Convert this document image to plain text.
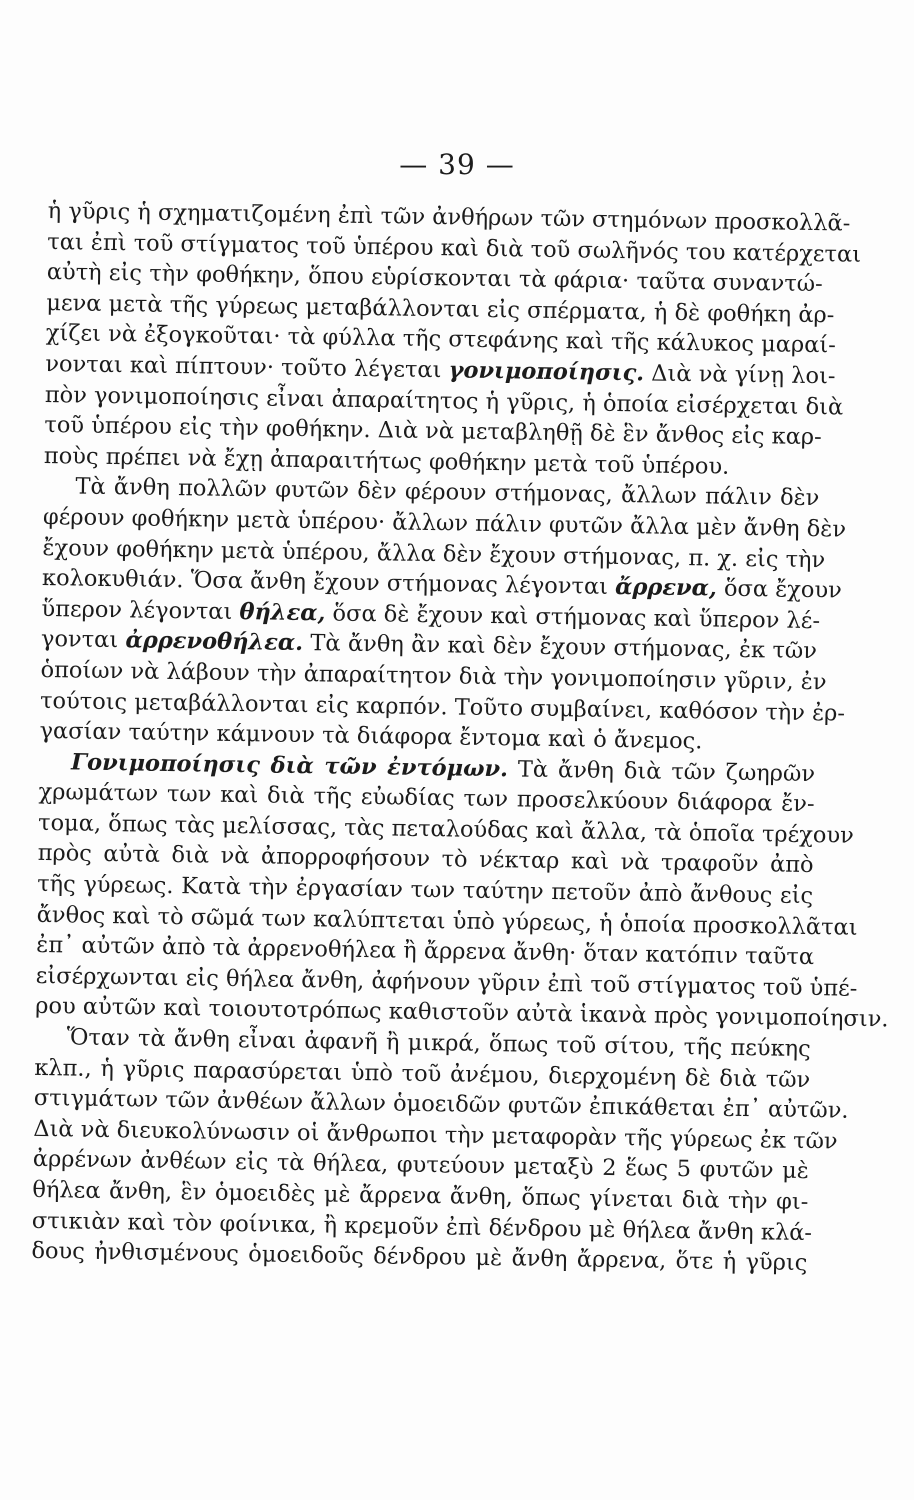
— 39 —
ἡ γῦρις ἡ σχηματιζομένη ἐπὶ τῶν ἀνθήρων τῶν στημόνων προσκολλᾶ-
ται ἐπὶ τοῦ στίγματος τοῦ ὑπέρου καὶ διὰ τοῦ σωλῆνός του κατέρχεται
αὐτὴ εἰς τὴν φοθήκην, ὅπου εὑρίσκονται τὰ φάρια· ταῦτα συναντώ-
μενα μετὰ τῆς γύρεως μεταβάλλονται εἰς σπέρματα, ἡ δὲ φοθήκη ἀρ-
χίζει νὰ ἐξογκοῦται· τὰ φύλλα τῆς στεφάνης καὶ τῆς κάλυκος μαραί-
νονται καὶ πίπτουν· τοῦτο λέγεται γονιμοποίησις. Διὰ νὰ γίνῃ λοι-
πὸν γονιμοποίησις εἶναι ἀπαραίτητος ἡ γῦρις, ἡ ὁποία εἰσέρχεται διὰ
τοῦ ὑπέρου εἰς τὴν φοθήκην. Διὰ νὰ μεταβληθῇ δὲ ἓν ἄνθος εἰς καρ-
ποὺς πρέπει νὰ ἔχῃ ἀπαραιτήτως φοθήκην μετὰ τοῦ ὑπέρου.
Τὰ ἄνθη πολλῶν φυτῶν δὲν φέρουν στήμονας, ἄλλων πάλιν δὲν
φέρουν φοθήκην μετὰ ὑπέρου· ἄλλων πάλιν φυτῶν ἄλλα μὲν ἄνθη δὲν
ἔχουν φοθήκην μετὰ ὑπέρου, ἄλλα δὲν ἔχουν στήμονας, π. χ. εἰς τὴν
κολοκυθιάν. Ὅσα ἄνθη ἔχουν στήμονας λέγονται ἄρρενα, ὅσα ἔχουν
ὕπερον λέγονται θήλεα, ὅσα δὲ ἔχουν καὶ στήμονας καὶ ὕπερον λέ-
γονται ἀρρενοθήλεα. Τὰ ἄνθη ἂν καὶ δὲν ἔχουν στήμονας, ἐκ τῶν
ὁποίων νὰ λάβουν τὴν ἀπαραίτητον διὰ τὴν γονιμοποίησιν γῦριν, ἐν
τούτοις μεταβάλλονται εἰς καρπόν. Τοῦτο συμβαίνει, καθόσον τὴν ἐρ-
γασίαν ταύτην κάμνουν τὰ διάφορα ἔντομα καὶ ὁ ἄνεμος.
Γονιμοποίησις διὰ τῶν ἐντόμων. Τὰ ἄνθη διὰ τῶν ζωηρῶν
χρωμάτων των καὶ διὰ τῆς εὐωδίας των προσελκύουν διάφορα ἔν-
τομα, ὅπως τὰς μελίσσας, τὰς πεταλούδας καὶ ἄλλα, τὰ ὁποῖα τρέχουν
πρὸς αὐτὰ διὰ νὰ ἀπορροφήσουν τὸ νέκταρ καὶ νὰ τραφοῦν ἀπὸ
τῆς γύρεως. Κατὰ τὴν ἐργασίαν των ταύτην πετοῦν ἀπὸ ἄνθους εἰς
ἄνθος καὶ τὸ σῶμά των καλύπτεται ὑπὸ γύρεως, ἡ ὁποία προσκολλᾶται
ἐπ᾽ αὐτῶν ἀπὸ τὰ ἀρρενοθήλεα ἢ ἄρρενα ἄνθη· ὅταν κατόπιν ταῦτα
εἰσέρχωνται εἰς θήλεα ἄνθη, ἀφήνουν γῦριν ἐπὶ τοῦ στίγματος τοῦ ὑπέ-
ρου αὐτῶν καὶ τοιουτοτρόπως καθιστοῦν αὐτὰ ἱκανὰ πρὸς γονιμοποίησιν.
Ὅταν τὰ ἄνθη εἶναι ἀφανῆ ἢ μικρά, ὅπως τοῦ σίτου, τῆς πεύκης
κλπ., ἡ γῦρις παρασύρεται ὑπὸ τοῦ ἀνέμου, διερχομένη δὲ διὰ τῶν
στιγμάτων τῶν ἀνθέων ἄλλων ὁμοειδῶν φυτῶν ἐπικάθεται ἐπ᾽ αὐτῶν.
Διὰ νὰ διευκολύνωσιν οἱ ἄνθρωποι τὴν μεταφορὰν τῆς γύρεως ἐκ τῶν
ἀρρένων ἀνθέων εἰς τὰ θήλεα, φυτεύουν μεταξὺ 2 ἕως 5 φυτῶν μὲ
θήλεα ἄνθη, ἓν ὁμοειδὲς μὲ ἄρρενα ἄνθη, ὅπως γίνεται διὰ τὴν φι-
στικιὰν καὶ τὸν φοίνικα, ἢ κρεμοῦν ἐπὶ δένδρου μὲ θήλεα ἄνθη κλά-
δους ἠνθισμένους ὁμοειδοῦς δένδρου μὲ ἄνθη ἄρρενα, ὅτε ἡ γῦρις
